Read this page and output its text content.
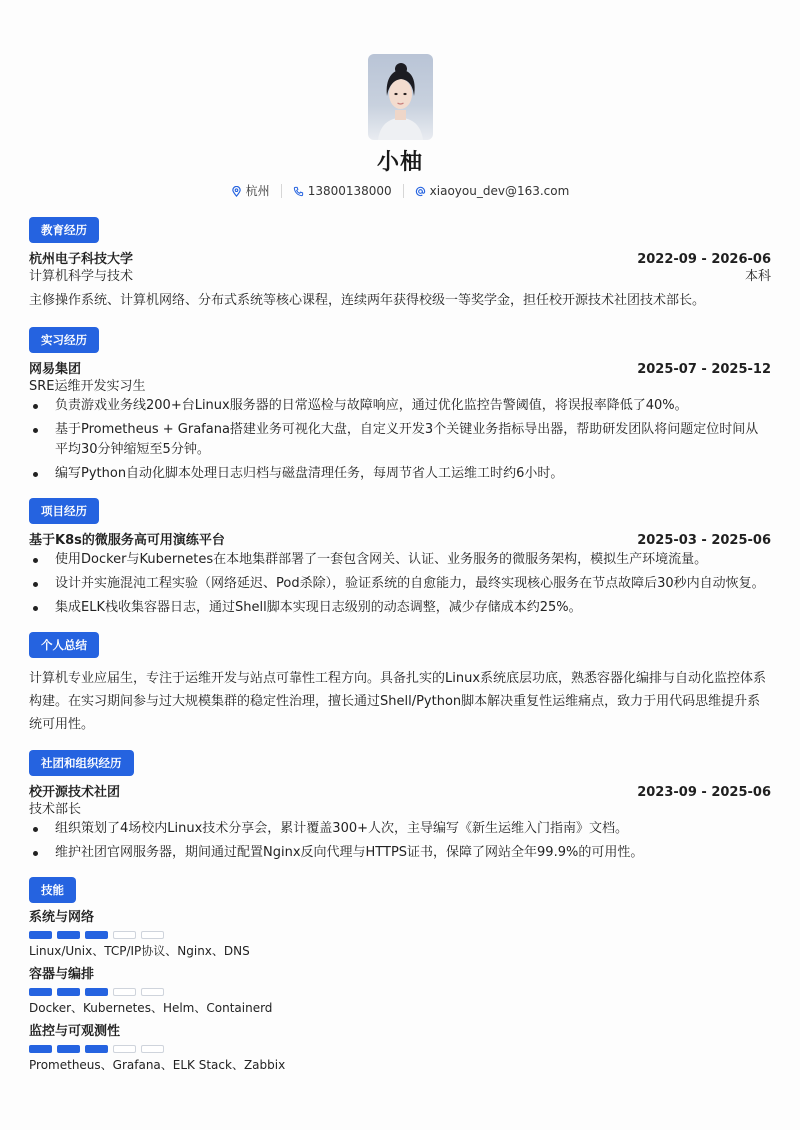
小柚
杭州	13800138000	xiaoyou_dev@163.com
教育经历
杭州电子科技大学	2022-09 - 2026-06
计算机科学与技术	本科
主修操作系统、计算机网络、分布式系统等核心课程，连续两年获得校级一等奖学金，担任校开源技术社团技术部长。
实习经历
网易集团	2025-07 - 2025-12
SRE运维开发实习生
负责游戏业务线200+台Linux服务器的日常巡检与故障响应，通过优化监控告警阈值，将误报率降低了40%。
基于Prometheus + Grafana搭建业务可视化大盘，自定义开发3个关键业务指标导出器，帮助研发团队将问题定位时间从平均30分钟缩短至5分钟。
编写Python自动化脚本处理日志归档与磁盘清理任务，每周节省人工运维工时约6小时。
项目经历
基于K8s的微服务高可用演练平台	2025-03 - 2025-06
使用Docker与Kubernetes在本地集群部署了一套包含网关、认证、业务服务的微服务架构，模拟生产环境流量。
设计并实施混沌工程实验（网络延迟、Pod杀除），验证系统的自愈能力，最终实现核心服务在节点故障后30秒内自动恢复。
集成ELK栈收集容器日志，通过Shell脚本实现日志级别的动态调整，减少存储成本约25%。
个人总结
计算机专业应届生，专注于运维开发与站点可靠性工程方向。具备扎实的Linux系统底层功底，熟悉容器化编排与自动化监控体系构建。在实习期间参与过大规模集群的稳定性治理，擅长通过Shell/Python脚本解决重复性运维痛点，致力于用代码思维提升系统可用性。
社团和组织经历
校开源技术社团	2023-09 - 2025-06
技术部长
组织策划了4场校内Linux技术分享会，累计覆盖300+人次，主导编写《新生运维入门指南》文档。
维护社团官网服务器，期间通过配置Nginx反向代理与HTTPS证书，保障了网站全年99.9%的可用性。
技能
系统与网络
Linux/Unix、TCP/IP协议、Nginx、DNS
容器与编排
Docker、Kubernetes、Helm、Containerd
监控与可观测性
Prometheus、Grafana、ELK Stack、Zabbix
